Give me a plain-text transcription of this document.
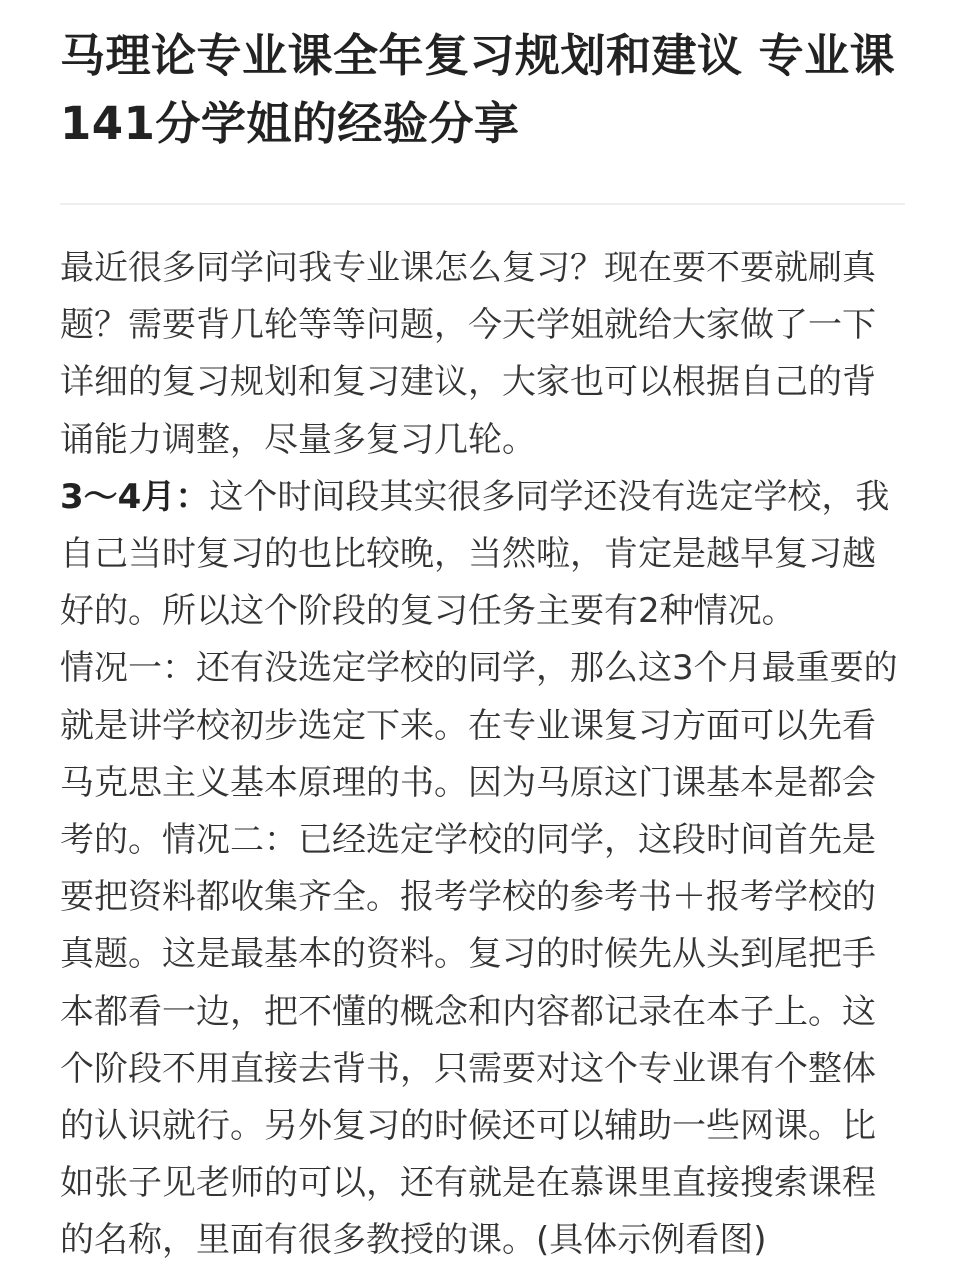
马理论专业课全年复习规划和建议 专业课141分学姐的经验分享

最近很多同学问我专业课怎么复习？现在要不要就刷真题？需要背几轮等等问题，今天学姐就给大家做了一下详细的复习规划和复习建议，大家也可以根据自己的背诵能力调整，尽量多复习几轮。

3～4月：这个时间段其实很多同学还没有选定学校，我自己当时复习的也比较晚，当然啦，肯定是越早复习越好的。所以这个阶段的复习任务主要有2种情况。

情况一：还有没选定学校的同学，那么这3个月最重要的就是讲学校初步选定下来。在专业课复习方面可以先看马克思主义基本原理的书。因为马原这门课基本是都会考的。情况二：已经选定学校的同学，这段时间首先是要把资料都收集齐全。报考学校的参考书＋报考学校的真题。这是最基本的资料。复习的时候先从头到尾把手本都看一边，把不懂的概念和内容都记录在本子上。这个阶段不用直接去背书，只需要对这个专业课有个整体的认识就行。另外复习的时候还可以辅助一些网课。比如张子见老师的可以，还有就是在慕课里直接搜索课程的名称，里面有很多教授的课。(具体示例看图)
